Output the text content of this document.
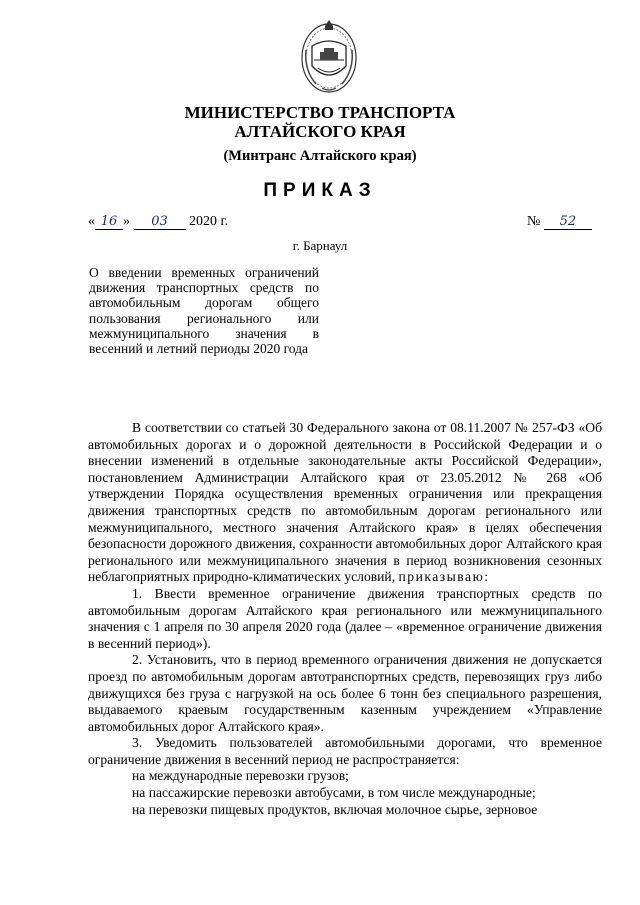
МИНИСТЕРСТВО ТРАНСПОРТА
АЛТАЙСКОГО КРАЯ
(Минтранс Алтайского края)
ПРИКАЗ
« 16 » 03 2020 г.	№ 52
г. Барнаул
О введении временных ограничений движения транспортных средств по автомобильным дорогам общего пользования регионального или межмуниципального значения в весенний и летний периоды 2020 года

В соответствии со статьей 30 Федерального закона от 08.11.2007 № 257-ФЗ «Об автомобильных дорогах и о дорожной деятельности в Российской Федерации и о внесении изменений в отдельные законодательные акты Российской Федерации», постановлением Администрации Алтайского края от 23.05.2012 № 268 «Об утверждении Порядка осуществления временных ограничения или прекращения движения транспортных средств по автомобильным дорогам регионального или межмуниципального, местного значения Алтайского края» в целях обеспечения безопасности дорожного движения, сохранности автомобильных дорог Алтайского края регионального или межмуниципального значения в период возникновения сезонных неблагоприятных природно-климатических условий, приказываю:

1. Ввести временное ограничение движения транспортных средств по автомобильным дорогам Алтайского края регионального или межмуниципального значения с 1 апреля по 30 апреля 2020 года (далее – «временное ограничение движения в весенний период»).

2. Установить, что в период временного ограничения движения не допускается проезд по автомобильным дорогам автотранспортных средств, перевозящих груз либо движущихся без груза с нагрузкой на ось более 6 тонн без специального разрешения, выдаваемого краевым государственным казенным учреждением «Управление автомобильных дорог Алтайского края».

3. Уведомить пользователей автомобильными дорогами, что временное ограничение движения в весенний период не распространяется:

на международные перевозки грузов;

на пассажирские перевозки автобусами, в том числе международные;

на перевозки пищевых продуктов, включая молочное сырье, зерновое
